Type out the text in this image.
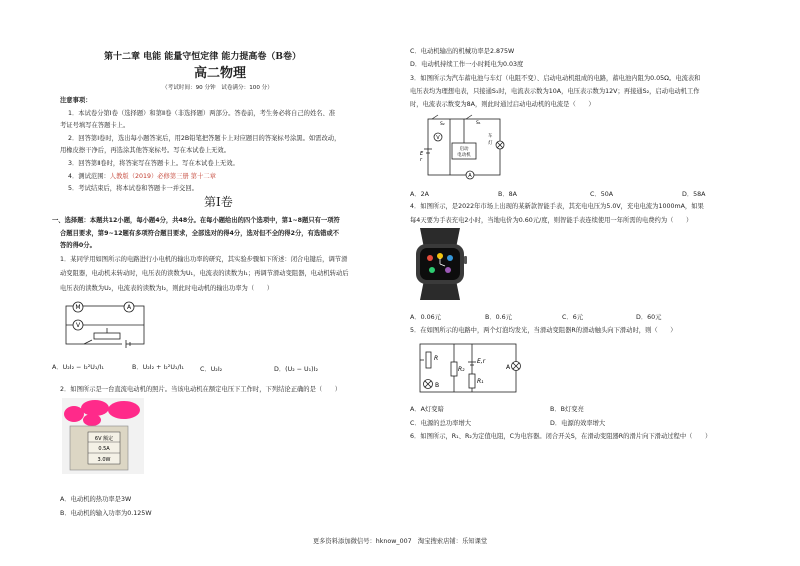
第十二章 电能 能量守恒定律 能力提高卷（B卷）
高二物理
（考试时间：90 分钟　试卷满分：100 分）
注意事项：
1．本试卷分第Ⅰ卷（选择题）和第Ⅱ卷（非选择题）两部分。答卷前，考生务必将自己的姓名、准
考证号填写在答题卡上。
2．回答第Ⅰ卷时，选出每小题答案后，用2B铅笔把答题卡上对应题目的答案标号涂黑。如需改动，
用橡皮擦干净后，再选涂其他答案标号。写在本试卷上无效。
3．回答第Ⅱ卷时，将答案写在答题卡上。写在本试卷上无效。
4．测试范围：人教版（2019）必修第三册 第十二章
5．考试结束后，将本试卷和答题卡一并交回。
第Ⅰ卷
一、选择题：本题共12小题，每小题4分，共48分。在每小题给出的四个选项中，第1~8题只有一项符
合题目要求，第9~12题有多项符合题目要求，全部选对的得4分，选对但不全的得2分，有选错或不
答的得0分。
1．某同学用如图所示的电路进行小电机的输出功率的研究，其实验步骤如下所述：闭合电键后，调节滑
动变阻器，电动机未转动时，电压表的读数为U₁，电流表的读数为I₁；再调节滑动变阻器，电动机转动后
电压表的读数为U₂，电流表的读数为I₂，则此时电动机的输出功率为（　　）
M
V
A
A．U₂I₂ − I₂²U₁/I₁	B．U₂I₂ + I₂²U₁/I₁	C．U₂I₂	D．(U₂ − U₁)I₂
2．如图所示是一台直流电动机的照片。当该电动机在额定电压下工作时，下列结论正确的是（　　）
6V 额定
0.5A
3.0W
A．电动机的热功率是3W
B．电动机的输入功率为0.125W
C．电动机输出的机械功率是2.875W
D．电动机持续工作一小时耗电为0.03度
3．如图所示为汽车蓄电池与车灯（电阻不变）、启动电动机组成的电路，蓄电池内阻为0.05Ω。电流表和
电压表均为理想电表，只接通S₁时，电流表示数为10A，电压表示数为12V；再接通S₂，启动电动机工作
时，电流表示数变为8A，则此时通过启动电动机的电流是（　　）
V
A
启动
电动机
车
灯
S₁
S₂
E
r
A．2A	B．8A	C．50A	D．58A
4．如图所示，是2022年市场上出现的某新款智能手表，其充电电压为5.0V，充电电流为1000mA，如果
每4天要为手表充电2小时，当地电价为0.60元/度，则智能手表连续使用一年所需的电费约为（　　）
A．0.06元	B．0.6元	C．6元	D．60元
5．在如图所示的电路中，两个灯泡均发光，当滑动变阻器R的滑动触头向下滑动时，则（　　）
R
R₂
E,r
R₁
A
B
A．A灯变暗	B．B灯变亮
C．电源的总功率增大	D．电源的效率增大
6．如图所示，R₁、R₂为定值电阻，C为电容器。闭合开关S，在滑动变阻器R的滑片向下滑动过程中（　　）
更多资料添加微信号：hknow_007　淘宝搜索店铺：乐知课堂
